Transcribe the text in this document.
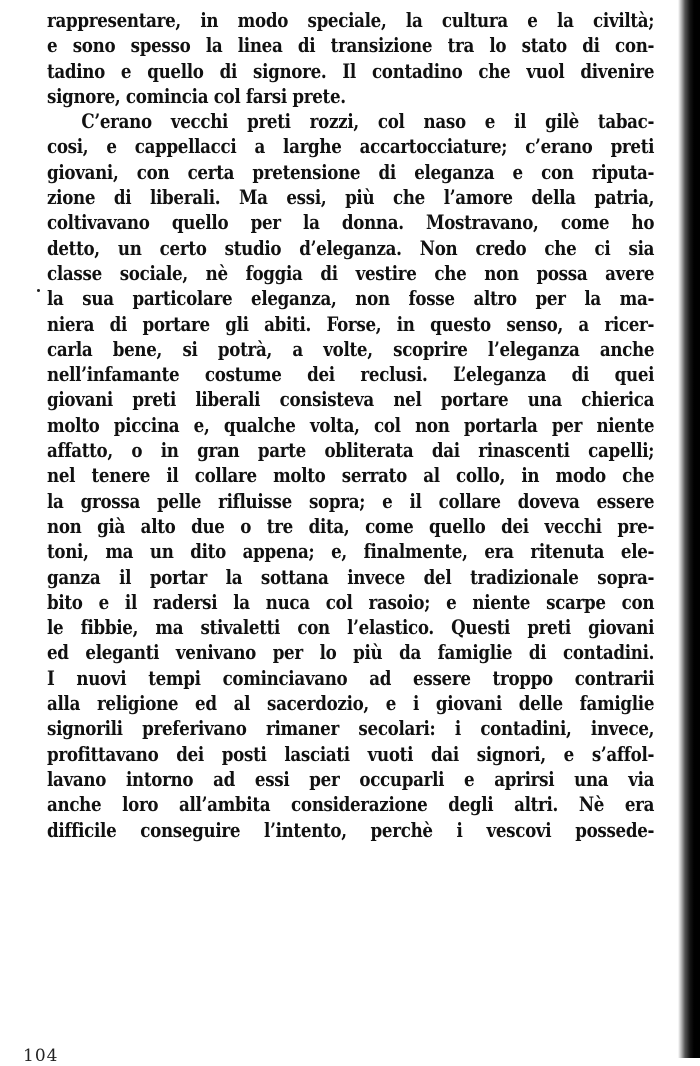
rappresentare, in modo speciale, la cultura e la civiltà;
e sono spesso la linea di transizione tra lo stato di con-
tadino e quello di signore. Il contadino che vuol divenire
signore, comincia col farsi prete.
C’erano vecchi preti rozzi, col naso e il gilè tabac-
cosi, e cappellacci a larghe accartocciature; c’erano preti
giovani, con certa pretensione di eleganza e con riputa-
zione di liberali. Ma essi, più che l’amore della patria,
coltivavano quello per la donna. Mostravano, come ho
detto, un certo studio d’eleganza. Non credo che ci sia
classe sociale, nè foggia di vestire che non possa avere
la sua particolare eleganza, non fosse altro per la ma-
niera di portare gli abiti. Forse, in questo senso, a ricer-
carla bene, si potrà, a volte, scoprire l’eleganza anche
nell’infamante costume dei reclusi. L’eleganza di quei
giovani preti liberali consisteva nel portare una chierica
molto piccina e, qualche volta, col non portarla per niente
affatto, o in gran parte obliterata dai rinascenti capelli;
nel tenere il collare molto serrato al collo, in modo che
la grossa pelle rifluisse sopra; e il collare doveva essere
non già alto due o tre dita, come quello dei vecchi pre-
toni, ma un dito appena; e, finalmente, era ritenuta ele-
ganza il portar la sottana invece del tradizionale sopra-
bito e il radersi la nuca col rasoio; e niente scarpe con
le fibbie, ma stivaletti con l’elastico. Questi preti giovani
ed eleganti venivano per lo più da famiglie di contadini.
I nuovi tempi cominciavano ad essere troppo contrarii
alla religione ed al sacerdozio, e i giovani delle famiglie
signorili preferivano rimaner secolari: i contadini, invece,
profittavano dei posti lasciati vuoti dai signori, e s’affol-
lavano intorno ad essi per occuparli e aprirsi una via
anche loro all’ambita considerazione degli altri. Nè era
difficile conseguire l’intento, perchè i vescovi possede-
104
